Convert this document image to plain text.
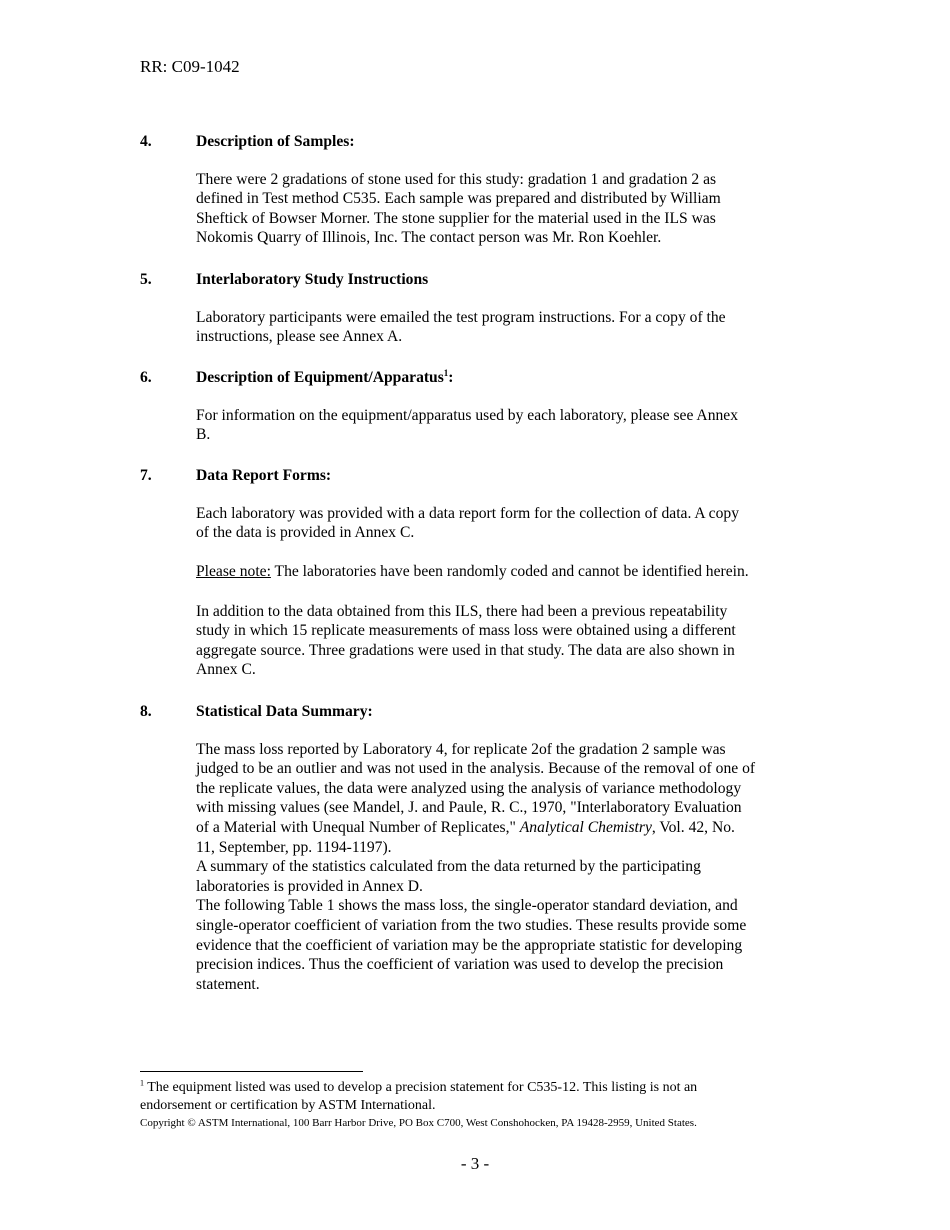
RR: C09-1042
4.	Description of Samples:

There were 2 gradations of stone used for this study: gradation 1 and gradation 2 as
defined in Test method C535. Each sample was prepared and distributed by William
Sheftick of Bowser Morner. The stone supplier for the material used in the ILS was
Nokomis Quarry of Illinois, Inc. The contact person was Mr. Ron Koehler.

5.	Interlaboratory Study Instructions

Laboratory participants were emailed the test program instructions. For a copy of the
instructions, please see Annex A.

6.	Description of Equipment/Apparatus$^1$:

For information on the equipment/apparatus used by each laboratory, please see Annex
B.

7.	Data Report Forms:

Each laboratory was provided with a data report form for the collection of data. A copy
of the data is provided in Annex C.

Please note: The laboratories have been randomly coded and cannot be identified herein.

In addition to the data obtained from this ILS, there had been a previous repeatability
study in which 15 replicate measurements of mass loss were obtained using a different
aggregate source. Three gradations were used in that study. The data are also shown in
Annex C.

8.	Statistical Data Summary:

The mass loss reported by Laboratory 4, for replicate 2of the gradation 2 sample was
judged to be an outlier and was not used in the analysis. Because of the removal of one of
the replicate values, the data were analyzed using the analysis of variance methodology
with missing values (see Mandel, J. and Paule, R. C., 1970, "Interlaboratory Evaluation
of a Material with Unequal Number of Replicates," Analytical Chemistry, Vol. 42, No.
11, September, pp. 1194-1197).
A summary of the statistics calculated from the data returned by the participating
laboratories is provided in Annex D.
The following Table 1 shows the mass loss, the single-operator standard deviation, and
single-operator coefficient of variation from the two studies. These results provide some
evidence that the coefficient of variation may be the appropriate statistic for developing
precision indices. Thus the coefficient of variation was used to develop the precision
statement.

$^1$ The equipment listed was used to develop a precision statement for C535-12. This listing is not an
endorsement or certification by ASTM International.
Copyright © ASTM International, 100 Barr Harbor Drive, PO Box C700, West Conshohocken, PA 19428-2959, United States.
- 3 -
